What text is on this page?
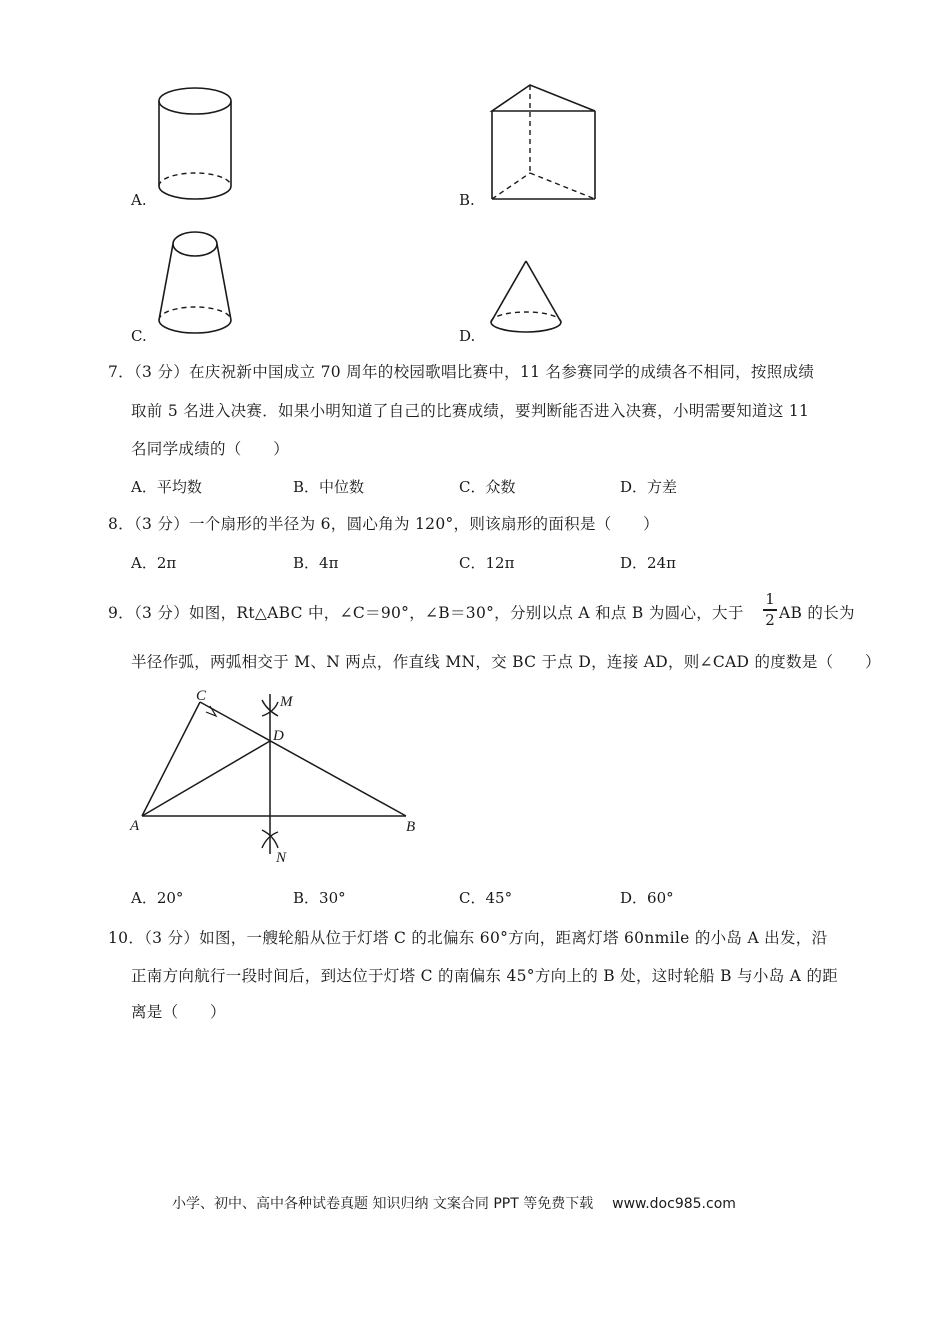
A.	B.
C.	D.
7．（3 分）在庆祝新中国成立 70 周年的校园歌唱比赛中，11 名参赛同学的成绩各不相同，按照成绩
取前 5 名进入决赛．如果小明知道了自己的比赛成绩，要判断能否进入决赛，小明需要知道这 11
名同学成绩的（　　）
A．平均数	B．中位数	C．众数	D．方差
8．（3 分）一个扇形的半径为 6，圆心角为 120°，则该扇形的面积是（　　）
A．2π	B．4π	C．12π	D．24π
9．（3 分）如图，Rt△ABC 中，∠C＝90°，∠B＝30°，分别以点 A 和点 B 为圆心，大于
1
2 AB 的长为
半径作弧，两弧相交于 M、N 两点，作直线 MN，交 BC 于点 D，连接 AD，则∠CAD 的度数是（　　）
C	M
D
A	B
N
A．20°	B．30°	C．45°	D．60°
10．（3 分）如图，一艘轮船从位于灯塔 C 的北偏东 60°方向，距离灯塔 60nmile 的小岛 A 出发，沿
正南方向航行一段时间后，到达位于灯塔 C 的南偏东 45°方向上的 B 处，这时轮船 B 与小岛 A 的距
离是（　　）
小学、初中、高中各种试卷真题 知识归纳 文案合同 PPT 等免费下载 www.doc985.com
